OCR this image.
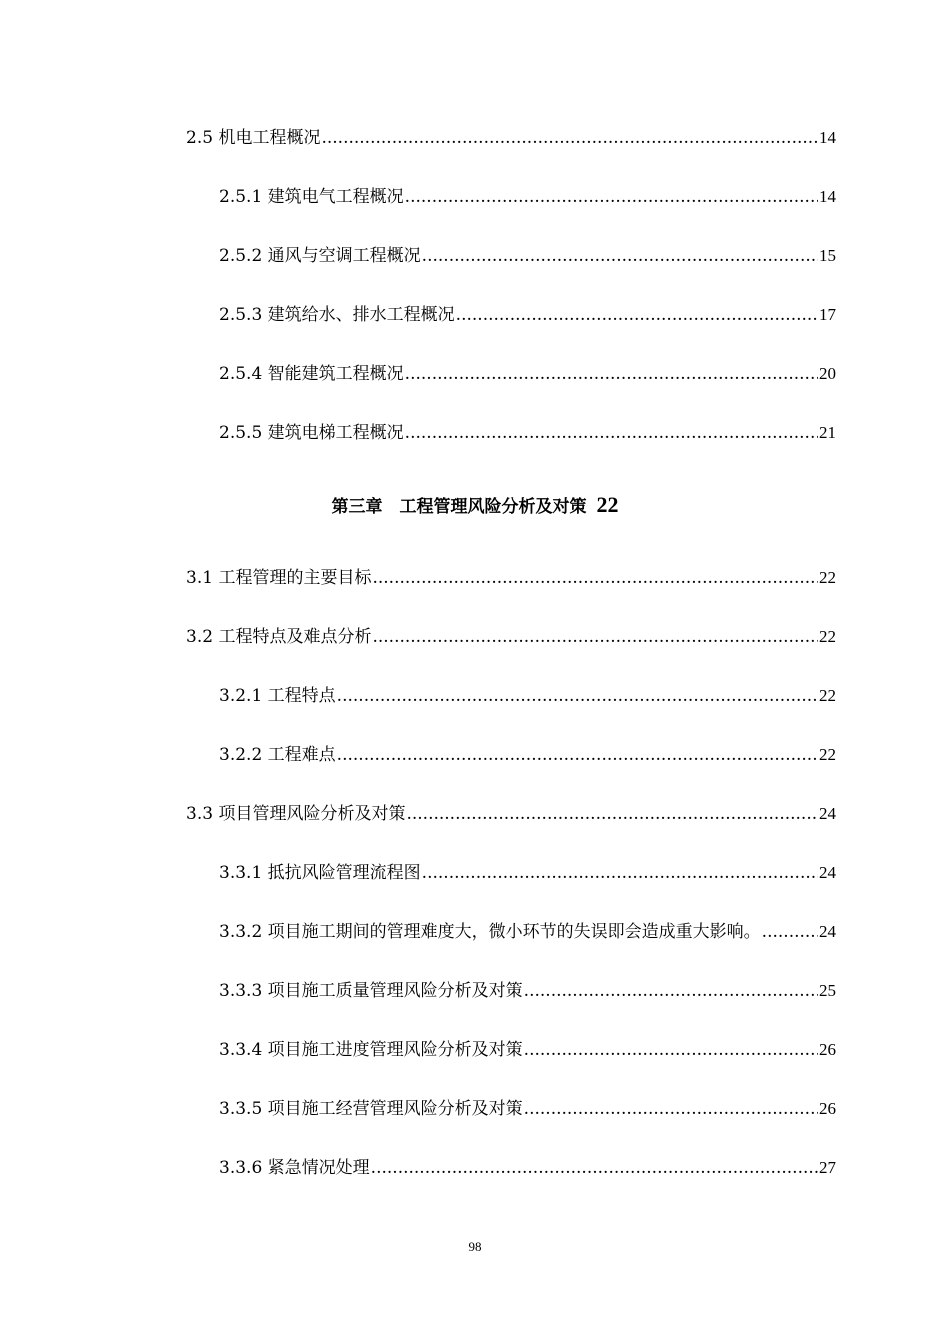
2.5 机电工程概况 .....	14
2.5.1 建筑电气工程概况 .....	14
2.5.2 通风与空调工程概况 .....	15
2.5.3 建筑给水、排水工程概况 .....	17
2.5.4 智能建筑工程概况 .....	20
2.5.5 建筑电梯工程概况 .....	21
第三章　工程管理风险分析及对策 22
3.1 工程管理的主要目标 .....	22
3.2 工程特点及难点分析 .....	22
3.2.1 工程特点 .....	22
3.2.2 工程难点 .....	22
3.3 项目管理风险分析及对策 .....	24
3.3.1 抵抗风险管理流程图 .....	24
3.3.2 项目施工期间的管理难度大，微小环节的失误即会造成重大影响。 .....	24
3.3.3 项目施工质量管理风险分析及对策 .....	25
3.3.4 项目施工进度管理风险分析及对策 .....	26
3.3.5 项目施工经营管理风险分析及对策 .....	26
3.3.6 紧急情况处理 .....	27
98
